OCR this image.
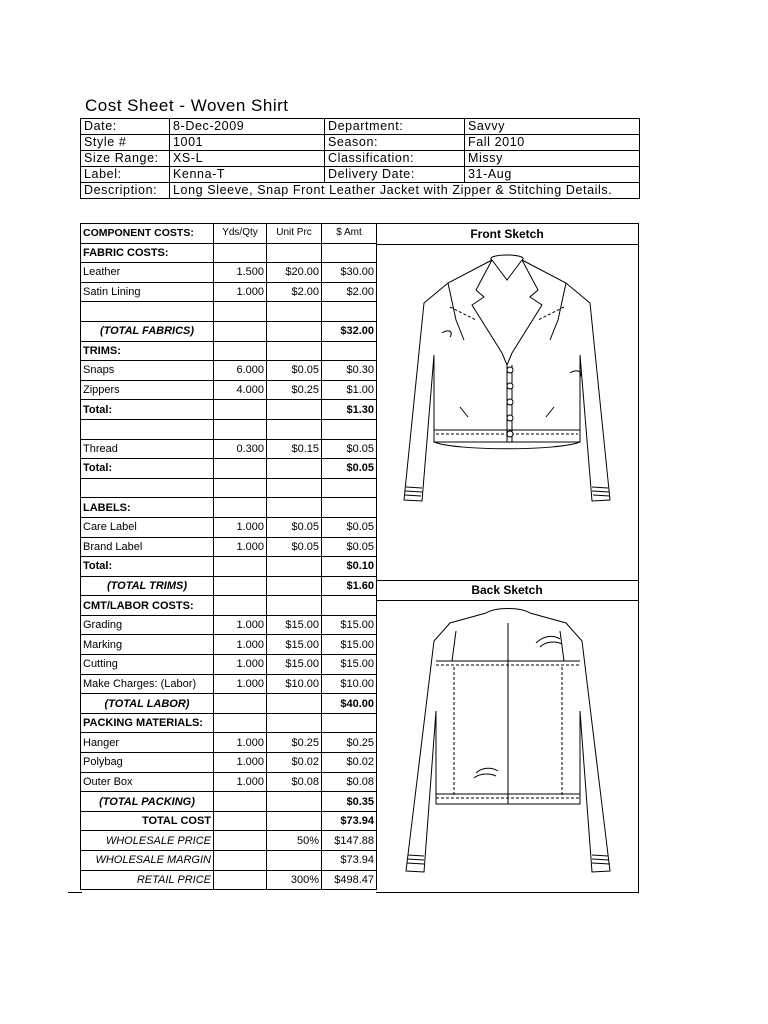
Cost Sheet - Woven Shirt
Date:	8-Dec-2009	Department:	Savvy
Style #	1001	Season:	Fall 2010
Size Range:	XS-L	Classification:	Missy
Label:	Kenna-T	Delivery Date:	31-Aug
Description:	Long Sleeve, Snap Front Leather Jacket with Zipper & Stitching Details.		
COMPONENT COSTS:	Yds/Qty	Unit Prc	$ Amt
FABRIC COSTS:			
Leather	1.500	$20.00	$30.00
Satin Lining	1.000	$2.00	$2.00

(TOTAL FABRICS)			$32.00
TRIMS:			
Snaps	6.000	$0.05	$0.30
Zippers	4.000	$0.25	$1.00
Total:			$1.30

Thread	0.300	$0.15	$0.05
Total:			$0.05

LABELS:			
Care Label	1.000	$0.05	$0.05
Brand Label	1.000	$0.05	$0.05
Total:			$0.10
(TOTAL TRIMS)			$1.60
CMT/LABOR COSTS:			
Grading	1.000	$15.00	$15.00
Marking	1.000	$15.00	$15.00
Cutting	1.000	$15.00	$15.00
Make Charges: (Labor)	1.000	$10.00	$10.00
(TOTAL LABOR)			$40.00
PACKING MATERIALS:			
Hanger	1.000	$0.25	$0.25
Polybag	1.000	$0.02	$0.02
Outer Box	1.000	$0.08	$0.08
(TOTAL PACKING)			$0.35
TOTAL COST			$73.94
WHOLESALE PRICE		50%	$147.88
WHOLESALE MARGIN			$73.94
RETAIL PRICE		300%	$498.47
Front Sketch
Back Sketch
